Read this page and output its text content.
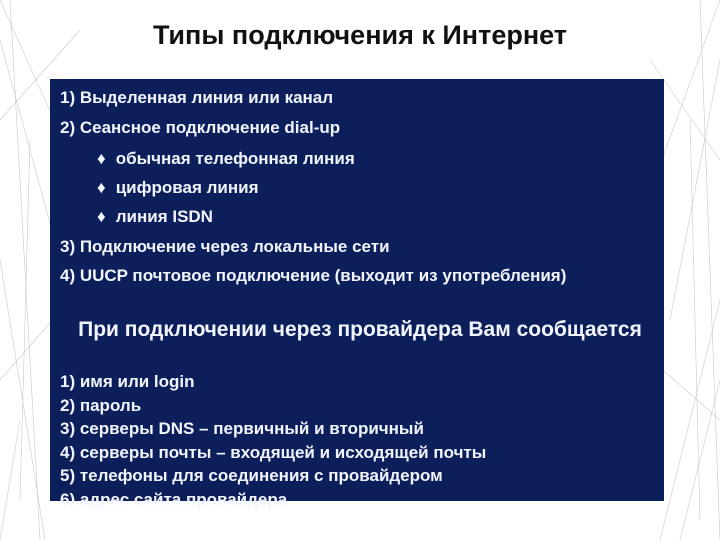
Типы подключения к Интернет
1) Выделенная линия или канал
2) Сеансное подключение dial-up
♦ обычная телефонная линия
♦ цифровая линия
♦ линия ISDN
3) Подключение через локальные сети
4) UUCP почтовое подключение (выходит из употребления)
При подключении через провайдера Вам сообщается
1) имя или login
2) пароль
3) серверы DNS – первичный и вторичный
4) серверы почты – входящей и исходящей почты
5) телефоны для соединения с провайдером
6) адрес сайта провайдера
